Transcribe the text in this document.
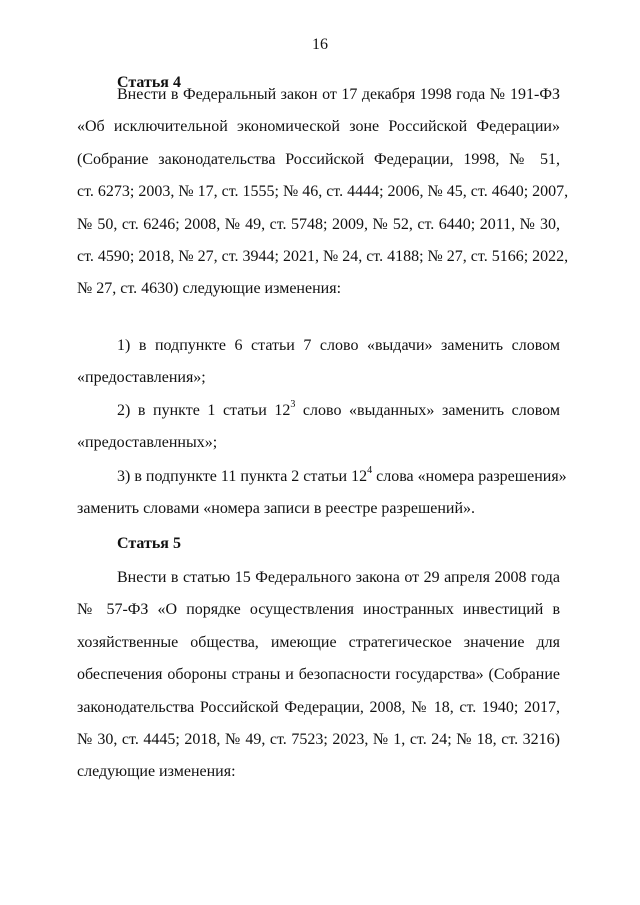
16
Статья 4
Внести в Федеральный закон от 17 декабря 1998 года № 191-ФЗ
«Об исключительной экономической зоне Российской Федерации»
(Собрание законодательства Российской Федерации, 1998, № 51,
ст. 6273; 2003, № 17, ст. 1555; № 46, ст. 4444; 2006, № 45, ст. 4640; 2007,
№ 50, ст. 6246; 2008, № 49, ст. 5748; 2009, № 52, ст. 6440; 2011, № 30,
ст. 4590; 2018, № 27, ст. 3944; 2021, № 24, ст. 4188; № 27, ст. 5166; 2022,
№ 27, ст. 4630) следующие изменения:
1) в подпункте 6 статьи 7 слово «выдачи» заменить словом
«предоставления»;
2) в пункте 1 статьи $12^3$ слово «выданных» заменить словом
«предоставленных»;
3) в подпункте 11 пункта 2 статьи $12^4$ слова «номера разрешения»
заменить словами «номера записи в реестре разрешений».
Статья 5
Внести в статью 15 Федерального закона от 29 апреля 2008 года
№ 57-ФЗ «О порядке осуществления иностранных инвестиций в
хозяйственные общества, имеющие стратегическое значение для
обеспечения обороны страны и безопасности государства» (Собрание
законодательства Российской Федерации, 2008, № 18, ст. 1940; 2017,
№ 30, ст. 4445; 2018, № 49, ст. 7523; 2023, № 1, ст. 24; № 18, ст. 3216)
следующие изменения:
